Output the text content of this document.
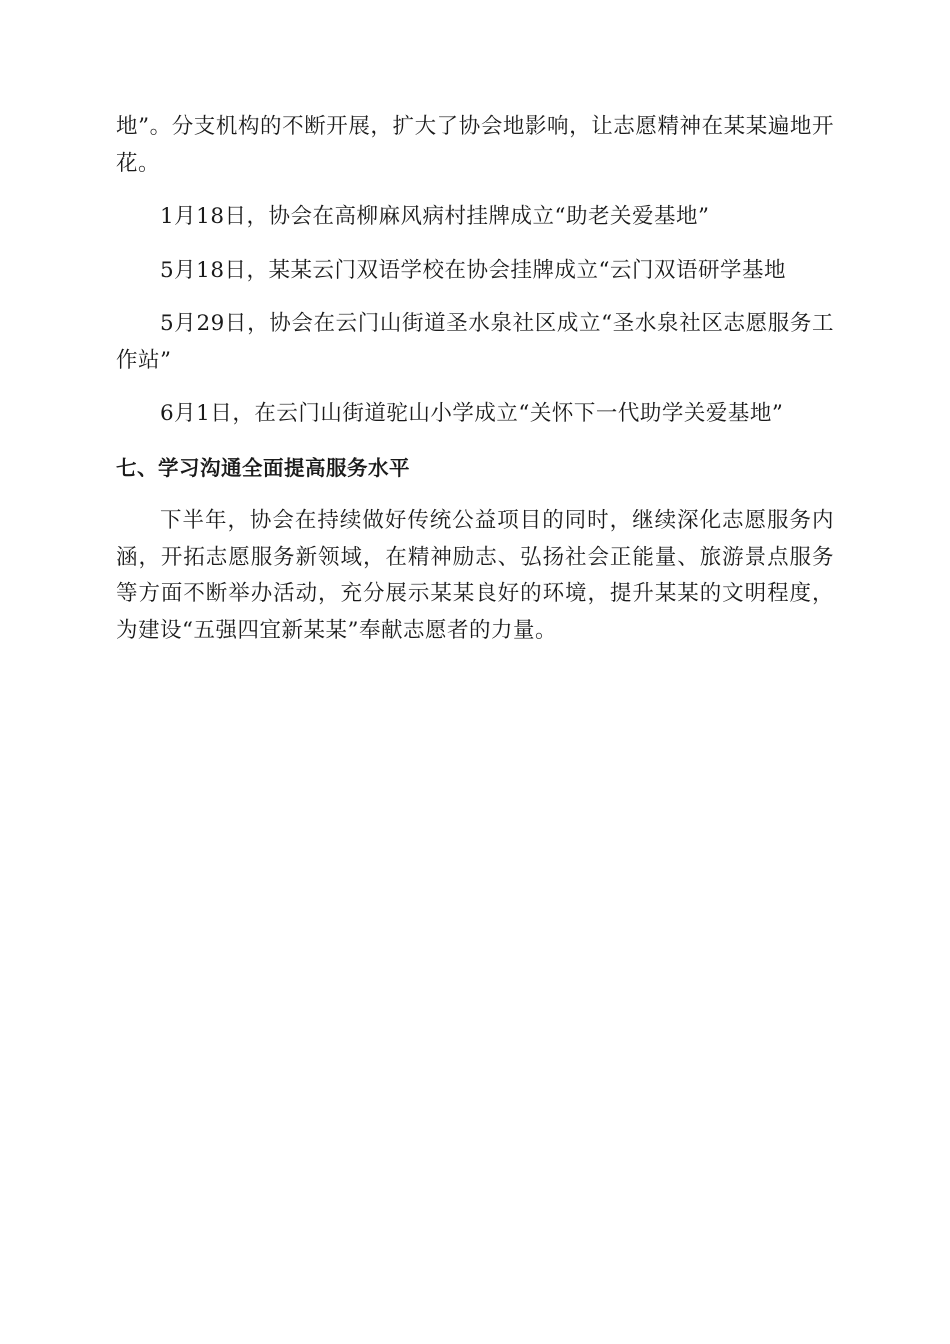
地”。分支机构的不断开展，扩大了协会地影响，让志愿精神在某某遍地开花。

1月18日，协会在高柳麻风病村挂牌成立“助老关爱基地”

5月18日，某某云门双语学校在协会挂牌成立“云门双语研学基地

5月29日，协会在云门山街道圣水泉社区成立“圣水泉社区志愿服务工作站”

6月1日，在云门山街道驼山小学成立“关怀下一代助学关爱基地”

七、学习沟通全面提高服务水平

下半年，协会在持续做好传统公益项目的同时，继续深化志愿服务内涵，开拓志愿服务新领域，在精神励志、弘扬社会正能量、旅游景点服务等方面不断举办活动，充分展示某某良好的环境，提升某某的文明程度，为建设“五强四宜新某某”奉献志愿者的力量。
